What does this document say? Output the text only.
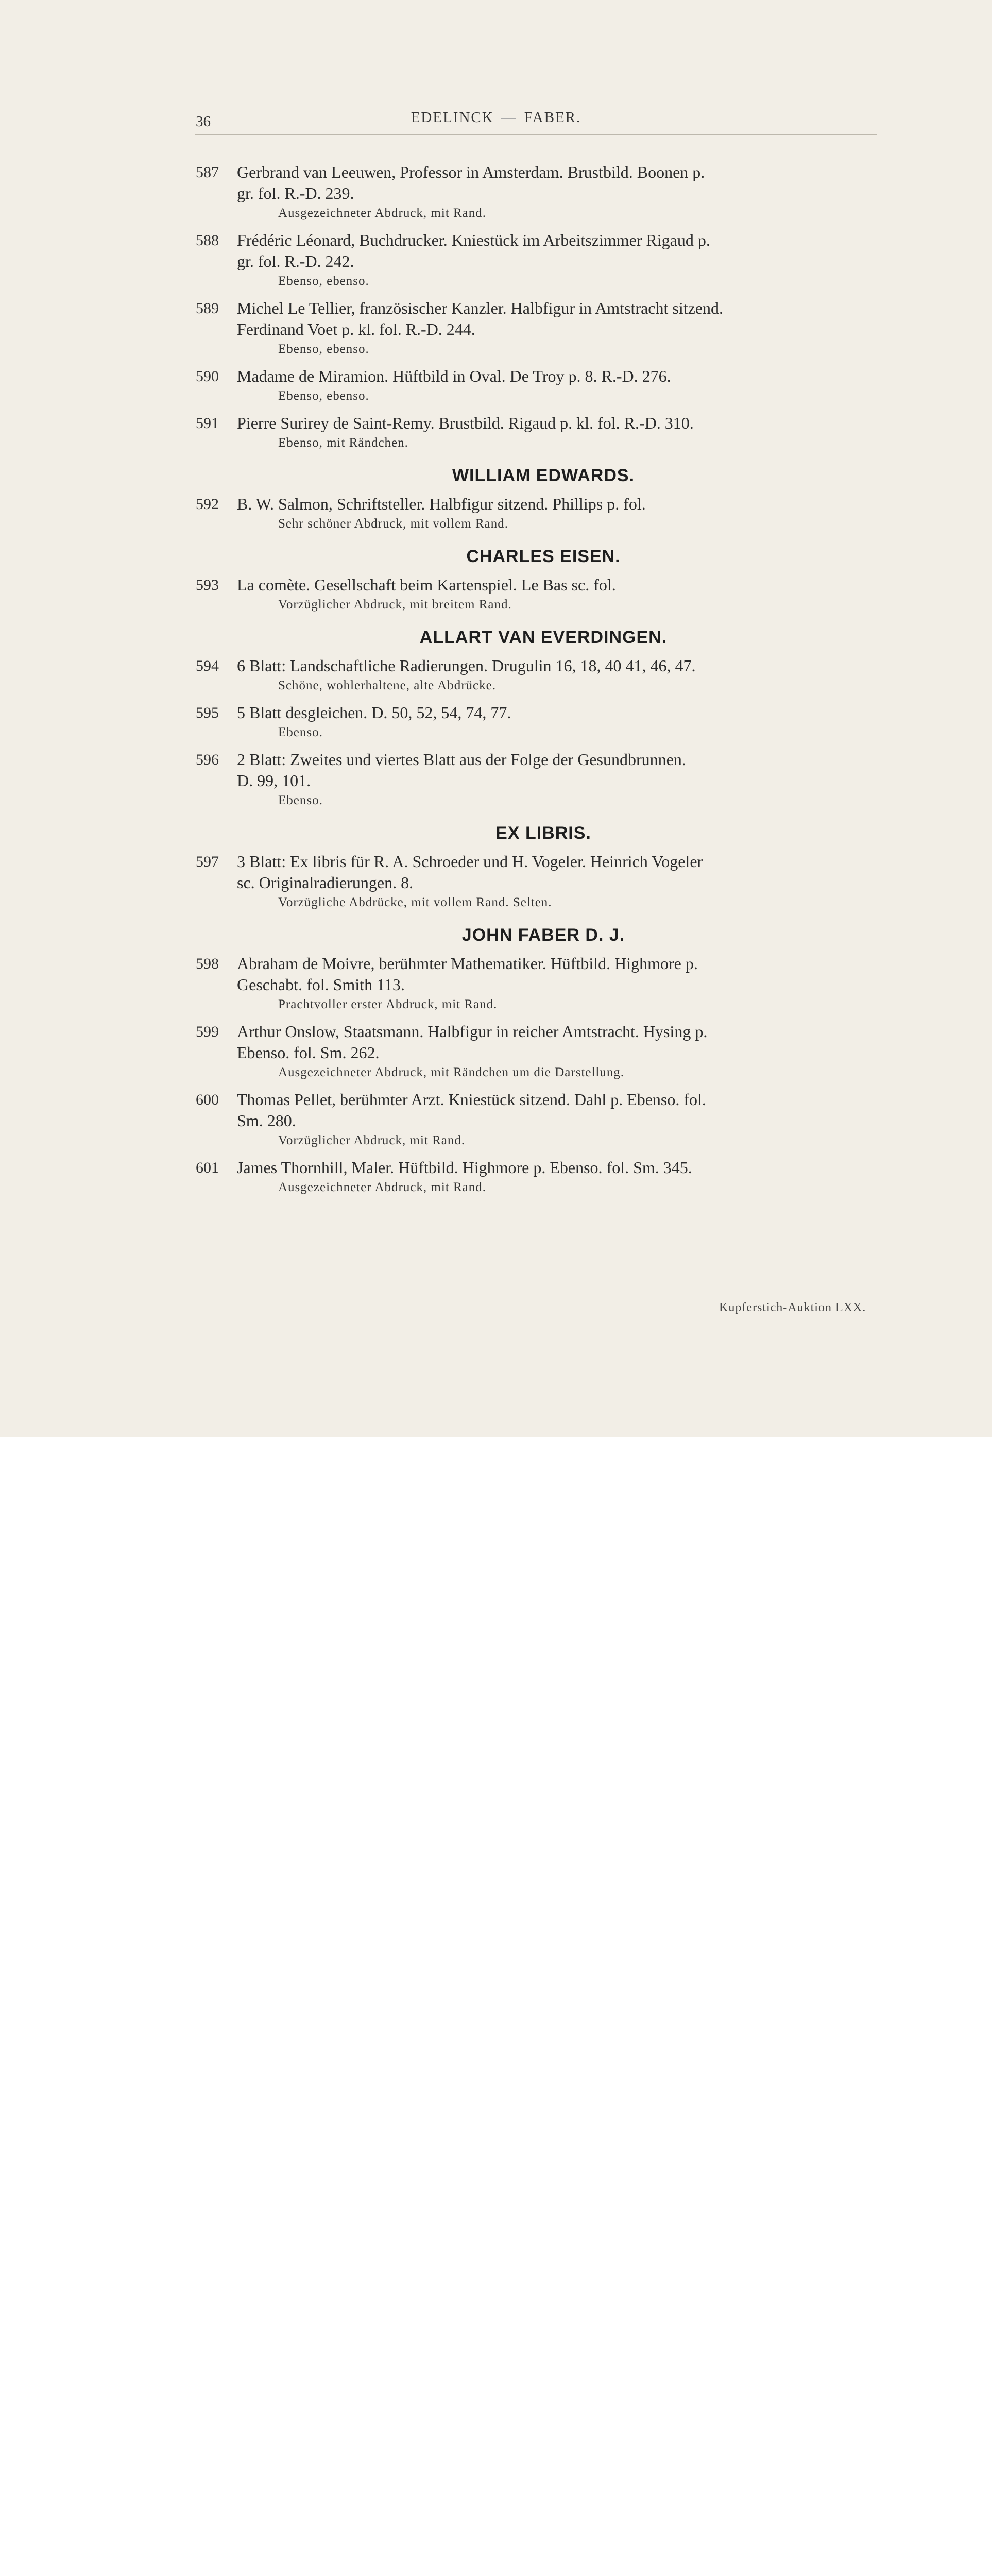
36	EDELINCK — FABER.
587	Gerbrand van Leeuwen, Professor in Amsterdam. Brustbild. Boonen p.
gr. fol. R.-D. 239.
Ausgezeichneter Abdruck, mit Rand.
588	Frédéric Léonard, Buchdrucker. Kniestück im Arbeitszimmer Rigaud p.
gr. fol. R.-D. 242.
Ebenso, ebenso.
589	Michel Le Tellier, französischer Kanzler. Halbfigur in Amtstracht sitzend.
Ferdinand Voet p. kl. fol. R.-D. 244.
Ebenso, ebenso.
590	Madame de Miramion. Hüftbild in Oval. De Troy p. 8. R.-D. 276.
Ebenso, ebenso.
591	Pierre Surirey de Saint-Remy. Brustbild. Rigaud p. kl. fol. R.-D. 310.
Ebenso, mit Rändchen.
WILLIAM EDWARDS.
592	B. W. Salmon, Schriftsteller. Halbfigur sitzend. Phillips p. fol.
Sehr schöner Abdruck, mit vollem Rand.
CHARLES EISEN.
593	La comète. Gesellschaft beim Kartenspiel. Le Bas sc. fol.
Vorzüglicher Abdruck, mit breitem Rand.
ALLART VAN EVERDINGEN.
594	6 Blatt: Landschaftliche Radierungen. Drugulin 16, 18, 40 41, 46, 47.
Schöne, wohlerhaltene, alte Abdrücke.
595	5 Blatt desgleichen. D. 50, 52, 54, 74, 77.
Ebenso.
596	2 Blatt: Zweites und viertes Blatt aus der Folge der Gesundbrunnen.
D. 99, 101.
Ebenso.
EX LIBRIS.
597	3 Blatt: Ex libris für R. A. Schroeder und H. Vogeler. Heinrich Vogeler
sc. Originalradierungen. 8.
Vorzügliche Abdrücke, mit vollem Rand. Selten.
JOHN FABER D. J.
598	Abraham de Moivre, berühmter Mathematiker. Hüftbild. Highmore p.
Geschabt. fol. Smith 113.
Prachtvoller erster Abdruck, mit Rand.
599	Arthur Onslow, Staatsmann. Halbfigur in reicher Amtstracht. Hysing p.
Ebenso. fol. Sm. 262.
Ausgezeichneter Abdruck, mit Rändchen um die Darstellung.
600	Thomas Pellet, berühmter Arzt. Kniestück sitzend. Dahl p. Ebenso. fol.
Sm. 280.
Vorzüglicher Abdruck, mit Rand.
601	James Thornhill, Maler. Hüftbild. Highmore p. Ebenso. fol. Sm. 345.
Ausgezeichneter Abdruck, mit Rand.
Kupferstich-Auktion LXX.
